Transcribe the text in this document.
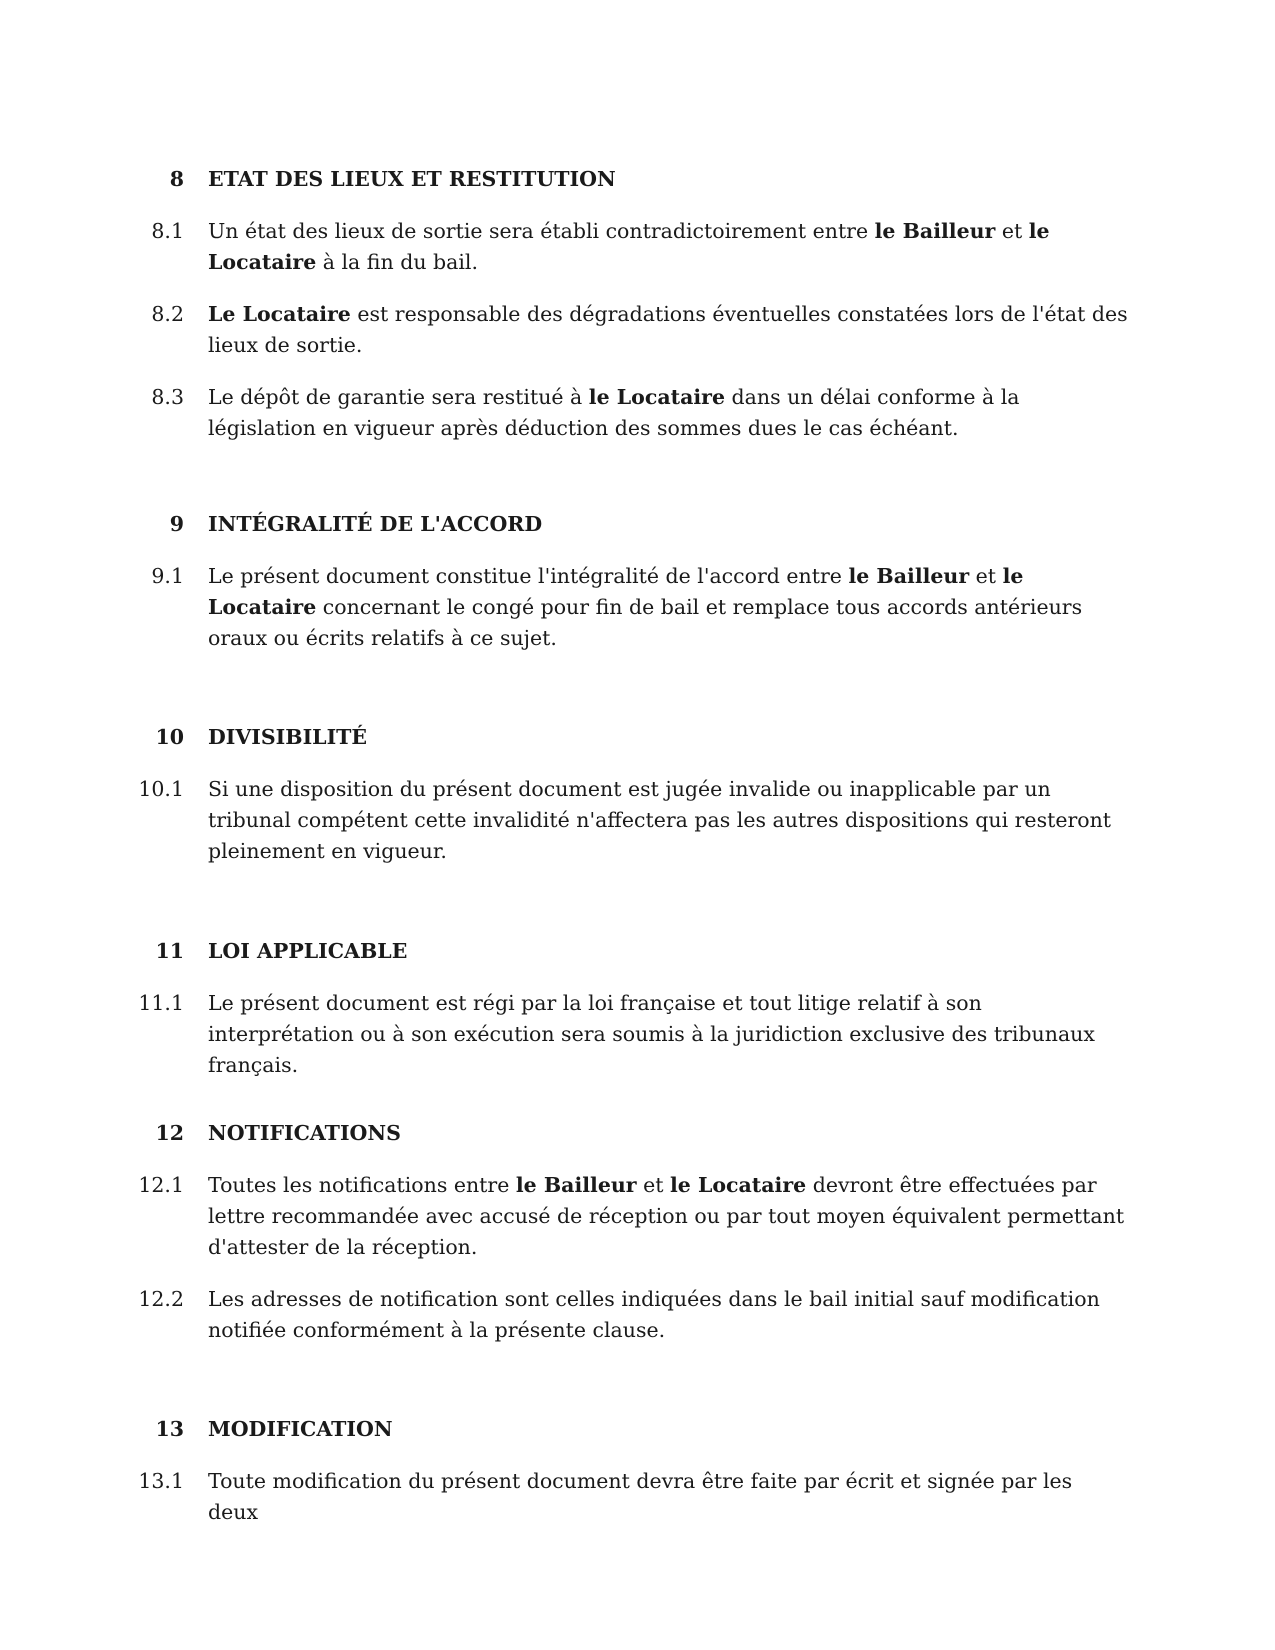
8 ETAT DES LIEUX ET RESTITUTION
8.1 Un état des lieux de sortie sera établi contradictoirement entre le Bailleur et le Locataire à la fin du bail.
8.2 Le Locataire est responsable des dégradations éventuelles constatées lors de l'état des lieux de sortie.
8.3 Le dépôt de garantie sera restitué à le Locataire dans un délai conforme à la législation en vigueur après déduction des sommes dues le cas échéant.
9 INTÉGRALITÉ DE L'ACCORD
9.1 Le présent document constitue l'intégralité de l'accord entre le Bailleur et le Locataire concernant le congé pour fin de bail et remplace tous accords antérieurs oraux ou écrits relatifs à ce sujet.
10 DIVISIBILITÉ
10.1 Si une disposition du présent document est jugée invalide ou inapplicable par un tribunal compétent cette invalidité n'affectera pas les autres dispositions qui resteront pleinement en vigueur.
11 LOI APPLICABLE
11.1 Le présent document est régi par la loi française et tout litige relatif à son interprétation ou à son exécution sera soumis à la juridiction exclusive des tribunaux français.
12 NOTIFICATIONS
12.1 Toutes les notifications entre le Bailleur et le Locataire devront être effectuées par lettre recommandée avec accusé de réception ou par tout moyen équivalent permettant d'attester de la réception.
12.2 Les adresses de notification sont celles indiquées dans le bail initial sauf modification notifiée conformément à la présente clause.
13 MODIFICATION
13.1 Toute modification du présent document devra être faite par écrit et signée par les deux
